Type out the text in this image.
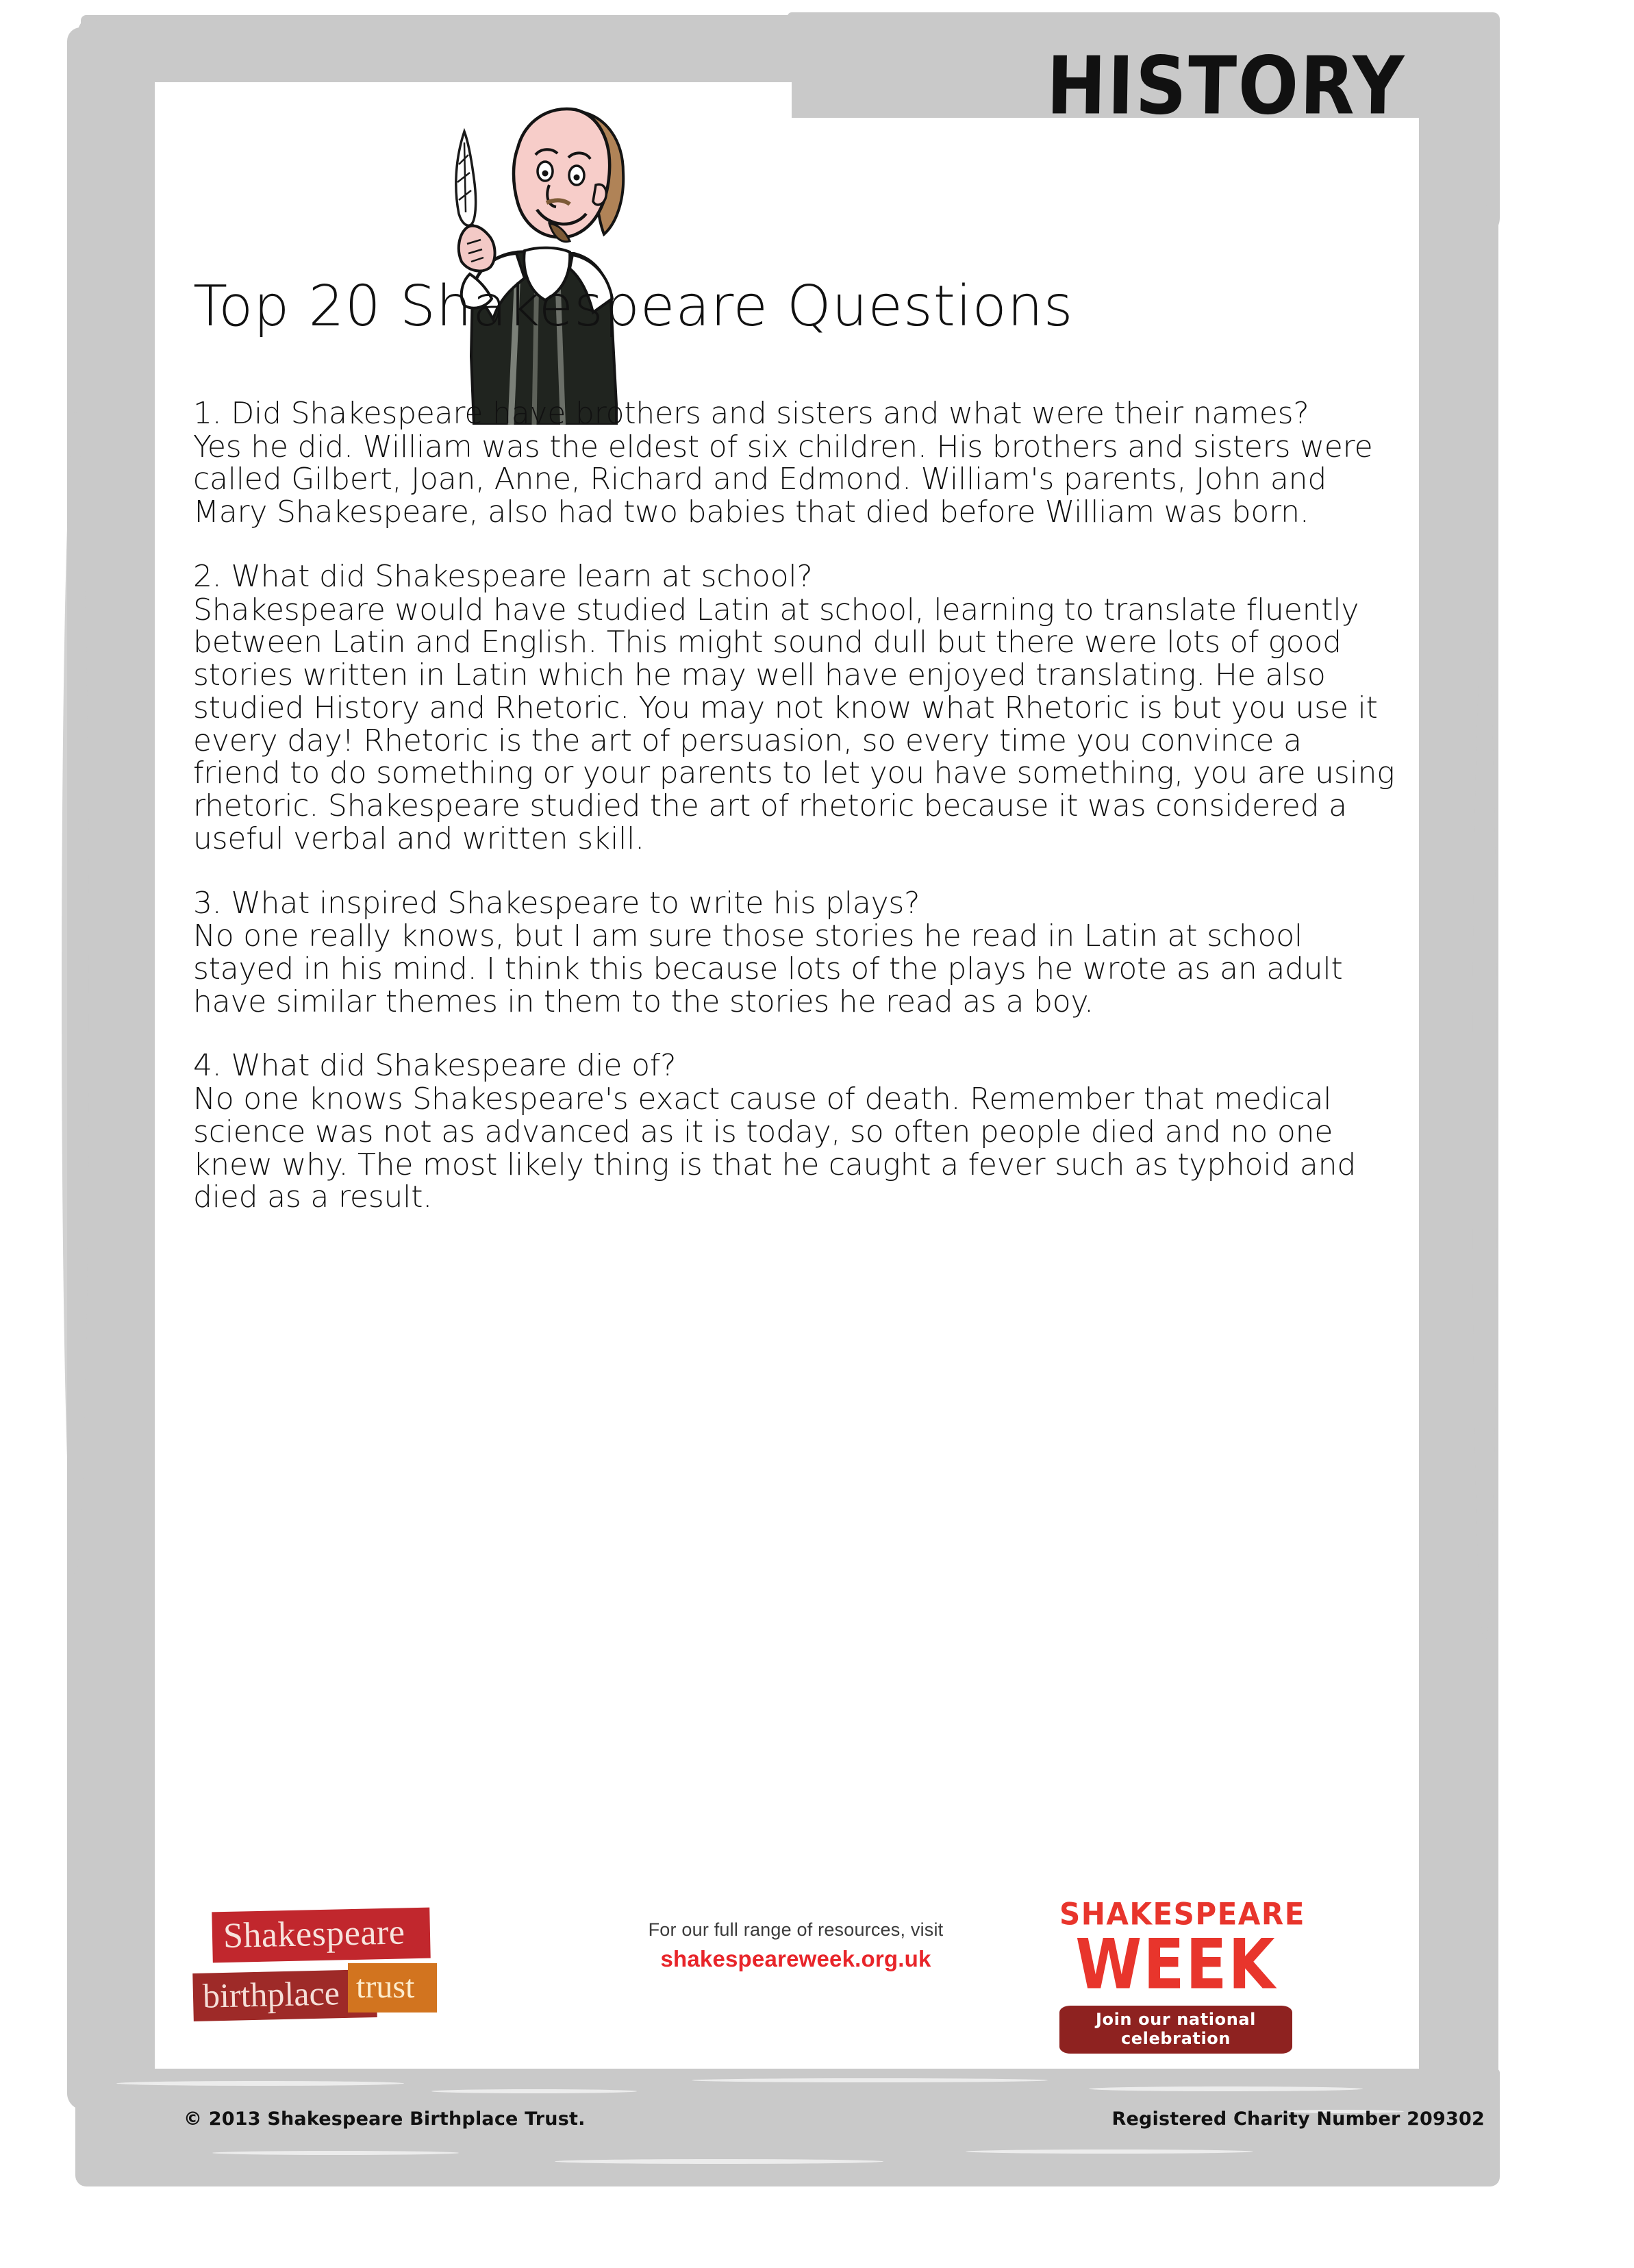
HISTORY
Top 20 Shakespeare Questions

1. Did Shakespeare have brothers and sisters and what were their names?

Yes he did. William was the eldest of six children. His brothers and sisters were called Gilbert, Joan, Anne, Richard and Edmond. William's parents, John and Mary Shakespeare, also had two babies that died before William was born.

2. What did Shakespeare learn at school?

Shakespeare would have studied Latin at school, learning to translate fluently between Latin and English. This might sound dull but there were lots of good stories written in Latin which he may well have enjoyed translating. He also studied History and Rhetoric. You may not know what Rhetoric is but you use it every day! Rhetoric is the art of persuasion, so every time you convince a friend to do something or your parents to let you have something, you are using rhetoric. Shakespeare studied the art of rhetoric because it was considered a useful verbal and written skill.

3. What inspired Shakespeare to write his plays?

No one really knows, but I am sure those stories he read in Latin at school stayed in his mind. I think this because lots of the plays he wrote as an adult have similar themes in them to the stories he read as a boy.

4. What did Shakespeare die of?

No one knows Shakespeare's exact cause of death. Remember that medical science was not as advanced as it is today, so often people died and no one knew why. The most likely thing is that he caught a fever such as typhoid and died as a result.

Shakespeare
birthplace trust
For our full range of resources, visit
shakespeareweek.org.uk
SHAKESPEARE
WEEK
Join our national celebration
© 2013 Shakespeare Birthplace Trust.	Registered Charity Number 209302
